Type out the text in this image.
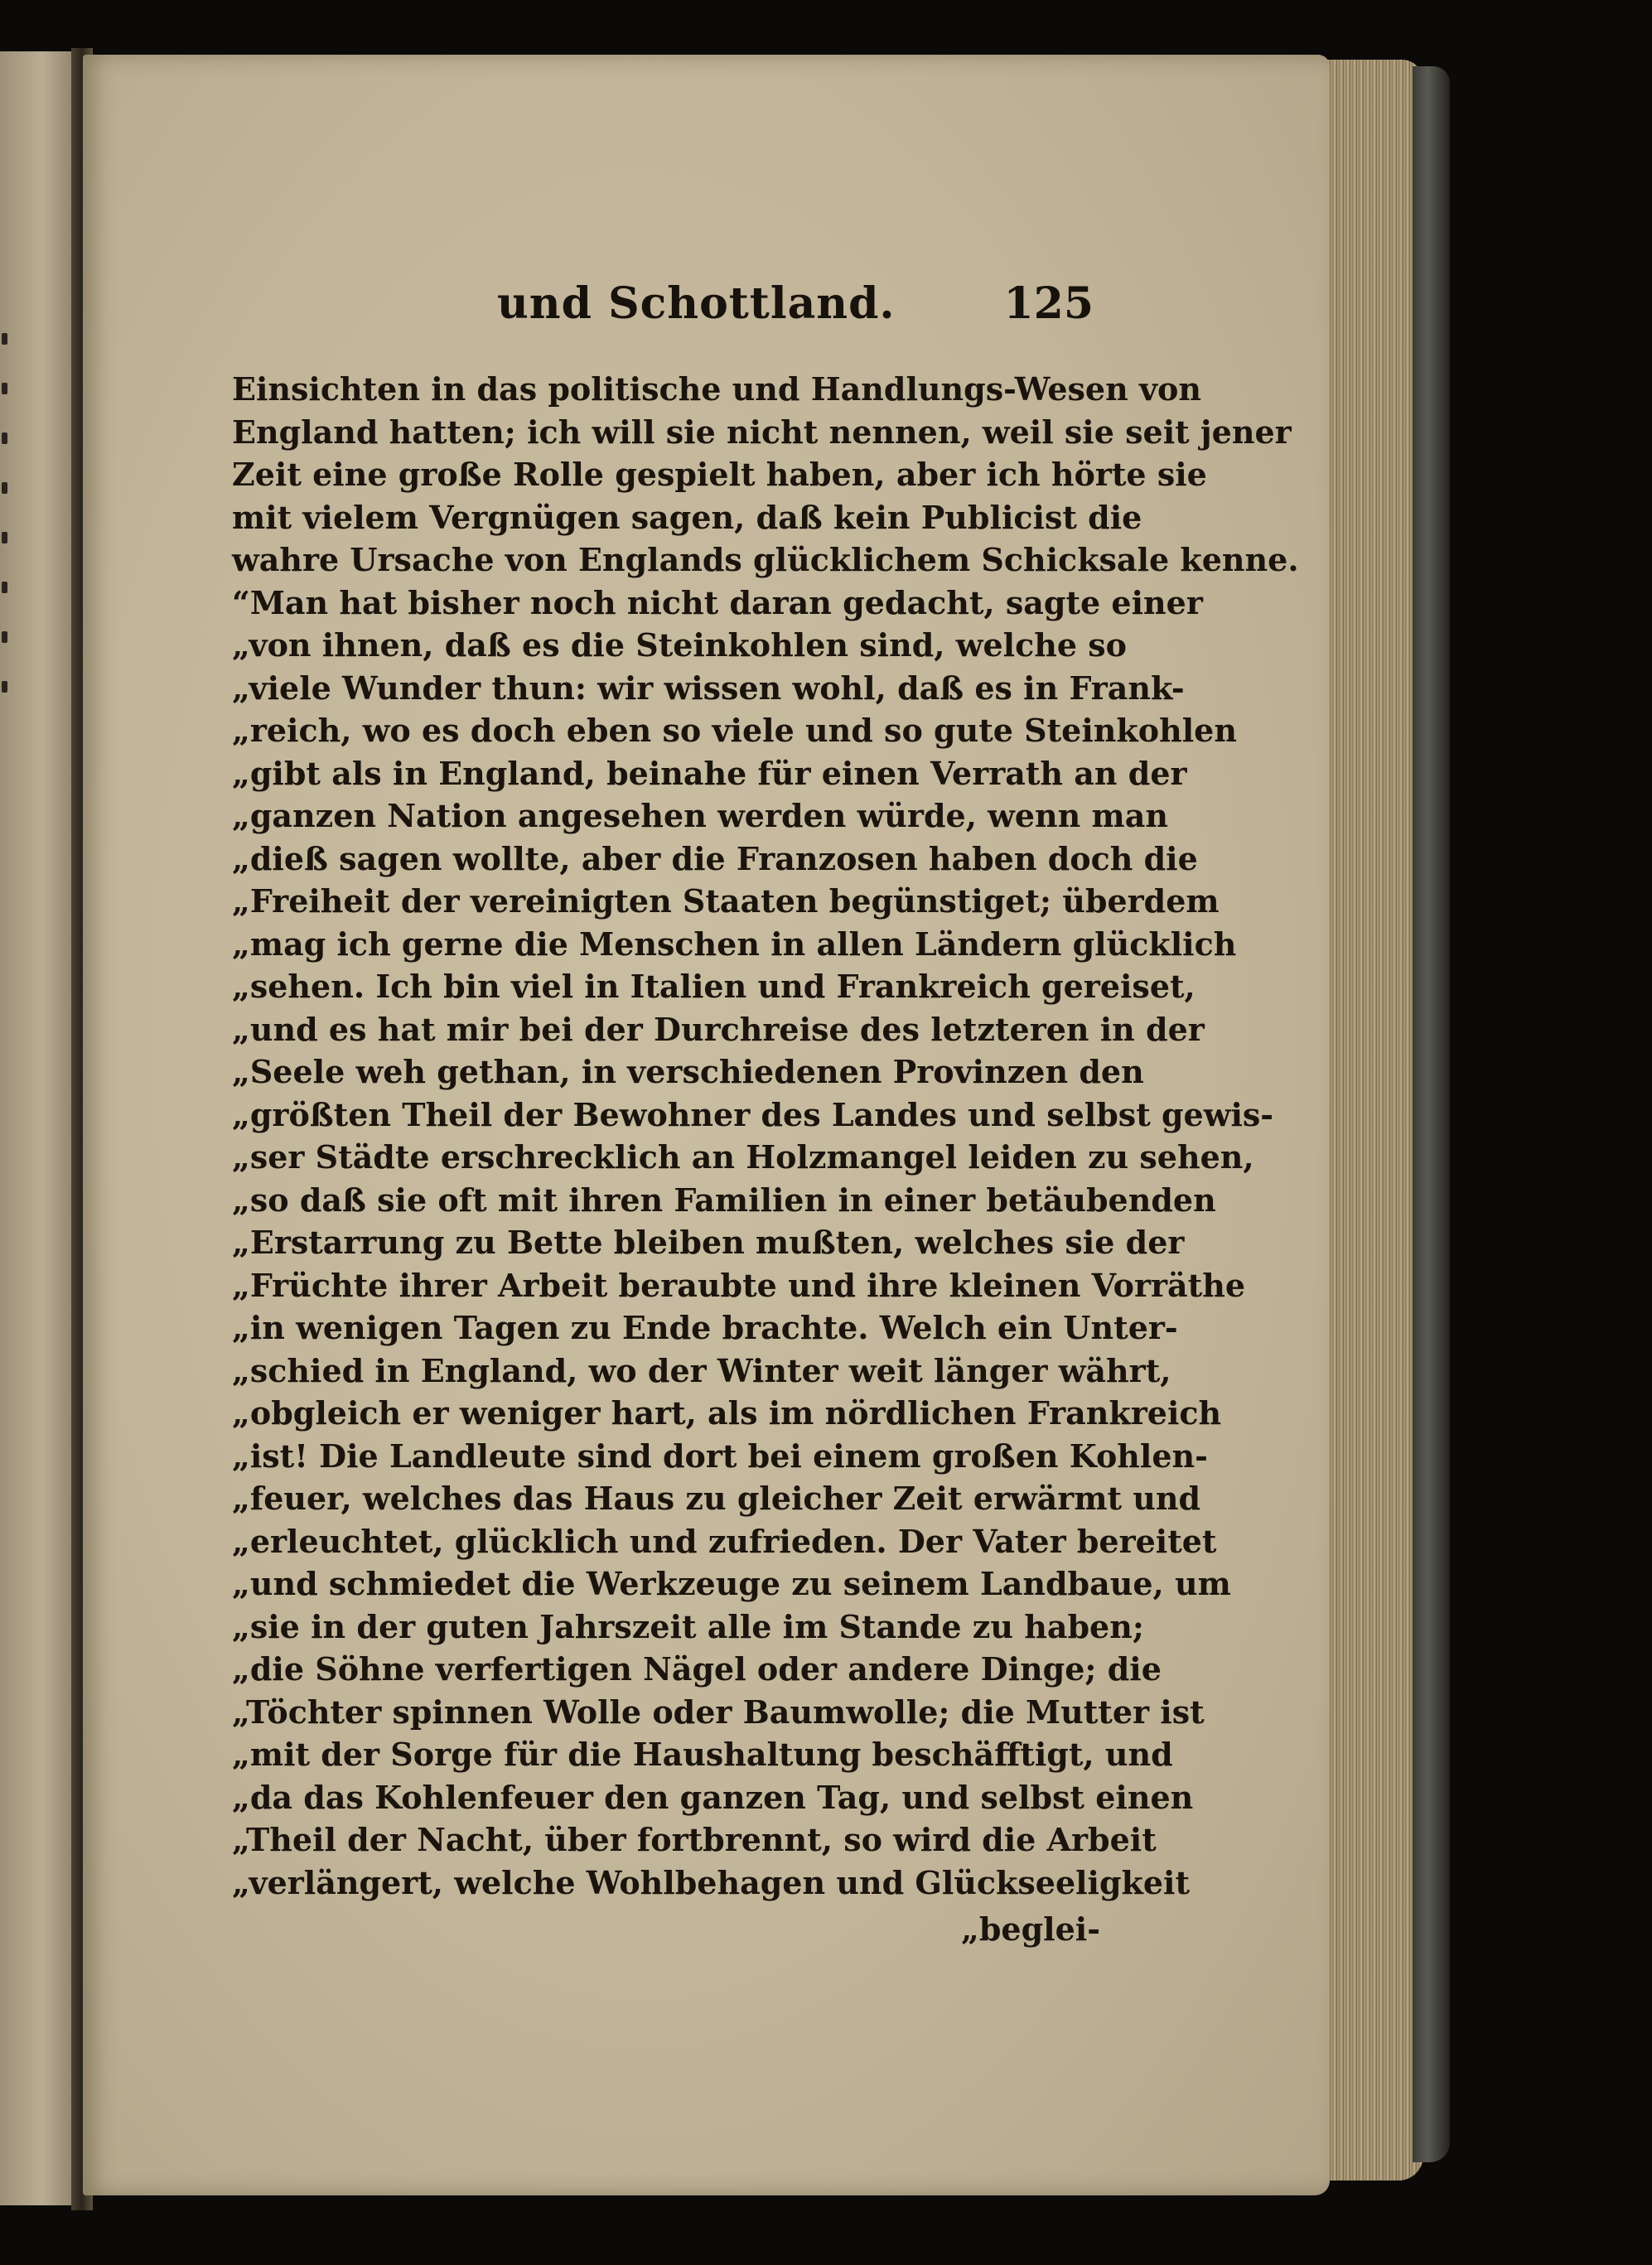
und Schottland.	125
Einsichten in das politische und Handlungs-Wesen von
England hatten; ich will sie nicht nennen, weil sie seit jener
Zeit eine große Rolle gespielt haben, aber ich hörte sie
mit vielem Vergnügen sagen, daß kein Publicist die
wahre Ursache von Englands glücklichem Schicksale kenne.
“Man hat bisher noch nicht daran gedacht, sagte einer
„von ihnen, daß es die Steinkohlen sind, welche so
„viele Wunder thun: wir wissen wohl, daß es in Frank-
„reich, wo es doch eben so viele und so gute Steinkohlen
„gibt als in England, beinahe für einen Verrath an der
„ganzen Nation angesehen werden würde, wenn man
„dieß sagen wollte, aber die Franzosen haben doch die
„Freiheit der vereinigten Staaten begünstiget; überdem
„mag ich gerne die Menschen in allen Ländern glücklich
„sehen. Ich bin viel in Italien und Frankreich gereiset,
„und es hat mir bei der Durchreise des letzteren in der
„Seele weh gethan, in verschiedenen Provinzen den
„größten Theil der Bewohner des Landes und selbst gewis-
„ser Städte erschrecklich an Holzmangel leiden zu sehen,
„so daß sie oft mit ihren Familien in einer betäubenden
„Erstarrung zu Bette bleiben mußten, welches sie der
„Früchte ihrer Arbeit beraubte und ihre kleinen Vorräthe
„in wenigen Tagen zu Ende brachte. Welch ein Unter-
„schied in England, wo der Winter weit länger währt,
„obgleich er weniger hart, als im nördlichen Frankreich
„ist! Die Landleute sind dort bei einem großen Kohlen-
„feuer, welches das Haus zu gleicher Zeit erwärmt und
„erleuchtet, glücklich und zufrieden. Der Vater bereitet
„und schmiedet die Werkzeuge zu seinem Landbaue, um
„sie in der guten Jahrszeit alle im Stande zu haben;
„die Söhne verfertigen Nägel oder andere Dinge; die
„Töchter spinnen Wolle oder Baumwolle; die Mutter ist
„mit der Sorge für die Haushaltung beschäfftigt, und
„da das Kohlenfeuer den ganzen Tag, und selbst einen
„Theil der Nacht, über fortbrennt, so wird die Arbeit
„verlängert, welche Wohlbehagen und Glückseeligkeit
„beglei-
